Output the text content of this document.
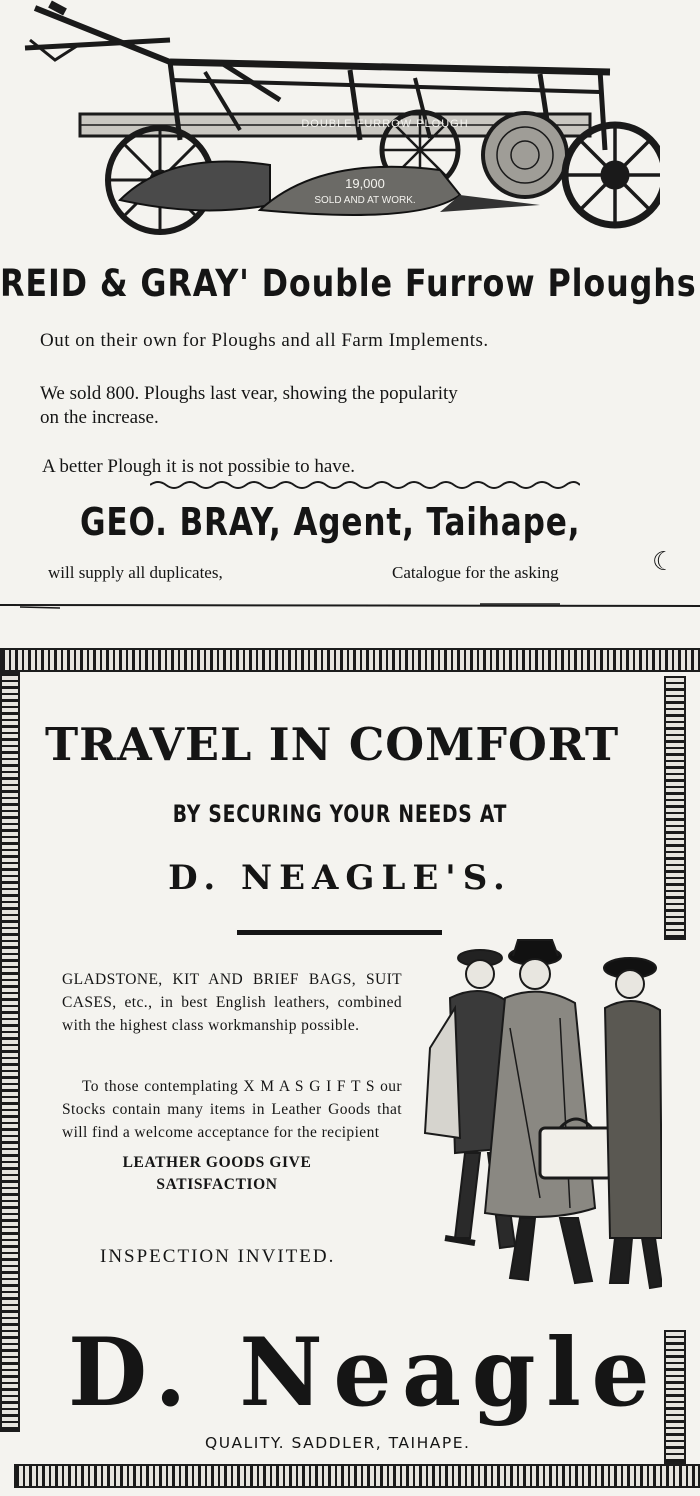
DOUBLE FURROW PLOUGH
19,000
SOLD AND AT WORK.
REID & GRAY' Double Furrow Ploughs
Out on their own for Ploughs and all Farm Implements.
We sold 800. Ploughs last vear, showing the popularity
on the increase.
A better Plough it is not possibie to have.
GEO. BRAY, Agent, Taihape,
will supply all duplicates,	Catalogue for the asking	☾
TRAVEL IN COMFORT
BY SECURING YOUR NEEDS AT
D. NEAGLE'S.
GLADSTONE, KIT AND BRIEF BAGS, SUIT CASES, etc., in best English leathers, combined with the highest class workmanship possible.
To those contemplating X M A S G I F T S our Stocks contain many items in Leather Goods that will find a welcome acceptance for the recipient
LEATHER GOODS GIVE
SATISFACTION
INSPECTION INVITED.
D. Neagle
QUALITY. SADDLER, TAIHAPE.
